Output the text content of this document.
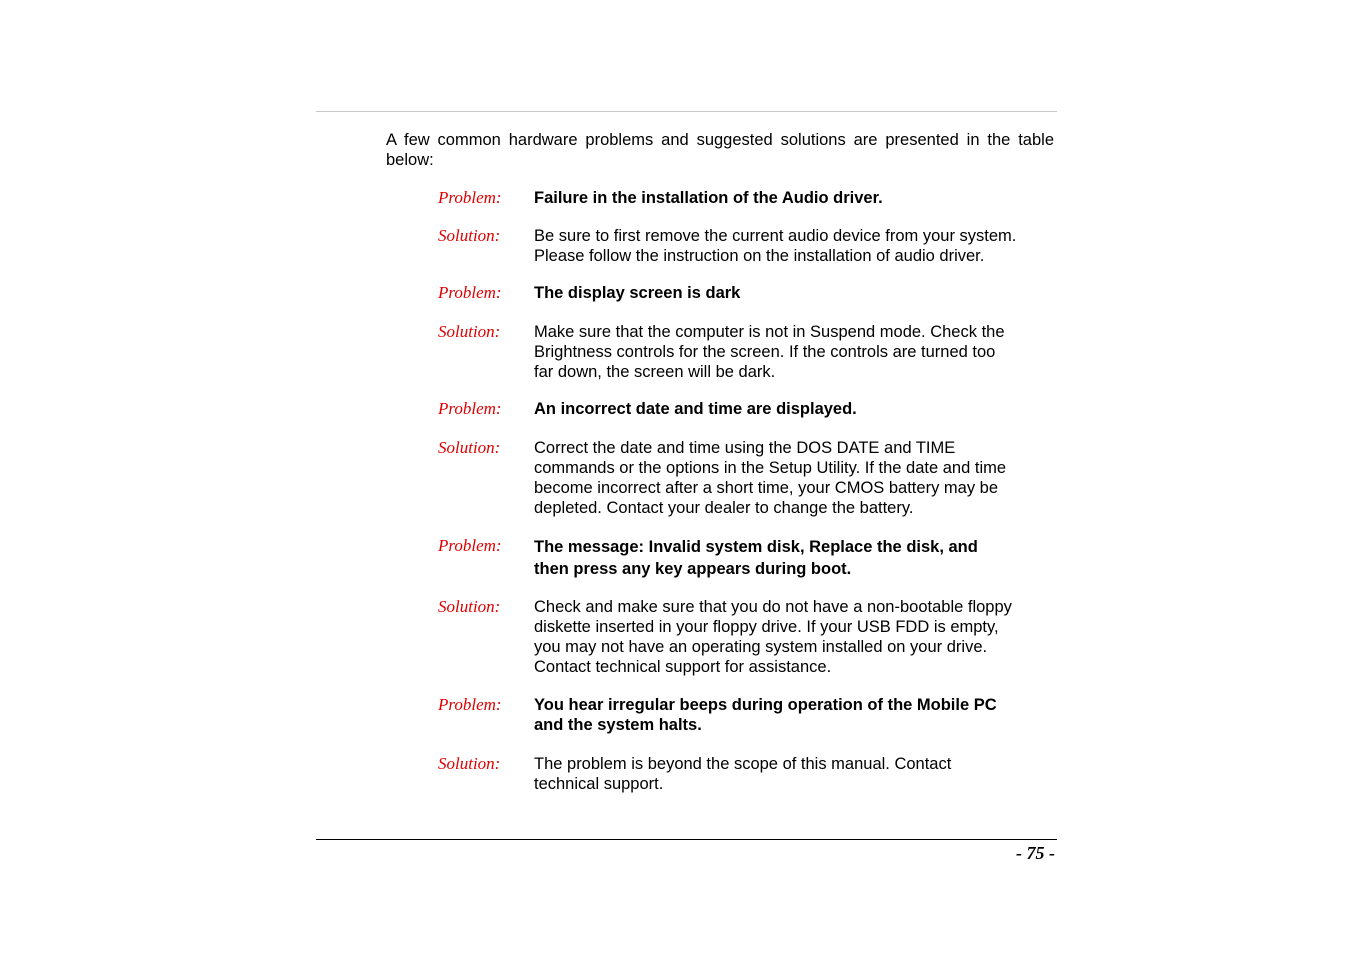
A few common hardware problems and suggested solutions are presented in the table below:

Problem: Failure in the installation of the Audio driver.
Solution: Be sure to first remove the current audio device from your system.
Please follow the instruction on the installation of audio driver.
Problem: The display screen is dark
Solution: Make sure that the computer is not in Suspend mode. Check the
Brightness controls for the screen. If the controls are turned too
far down, the screen will be dark.
Problem: An incorrect date and time are displayed.
Solution: Correct the date and time using the DOS DATE and TIME
commands or the options in the Setup Utility. If the date and time
become incorrect after a short time, your CMOS battery may be
depleted. Contact your dealer to change the battery.
Problem: The message: Invalid system disk, Replace the disk, and
then press any key appears during boot.
Solution: Check and make sure that you do not have a non-bootable floppy
diskette inserted in your floppy drive. If your USB FDD is empty,
you may not have an operating system installed on your drive.
Contact technical support for assistance.
Problem: You hear irregular beeps during operation of the Mobile PC
and the system halts.
Solution: The problem is beyond the scope of this manual. Contact
technical support.
- 75 -
